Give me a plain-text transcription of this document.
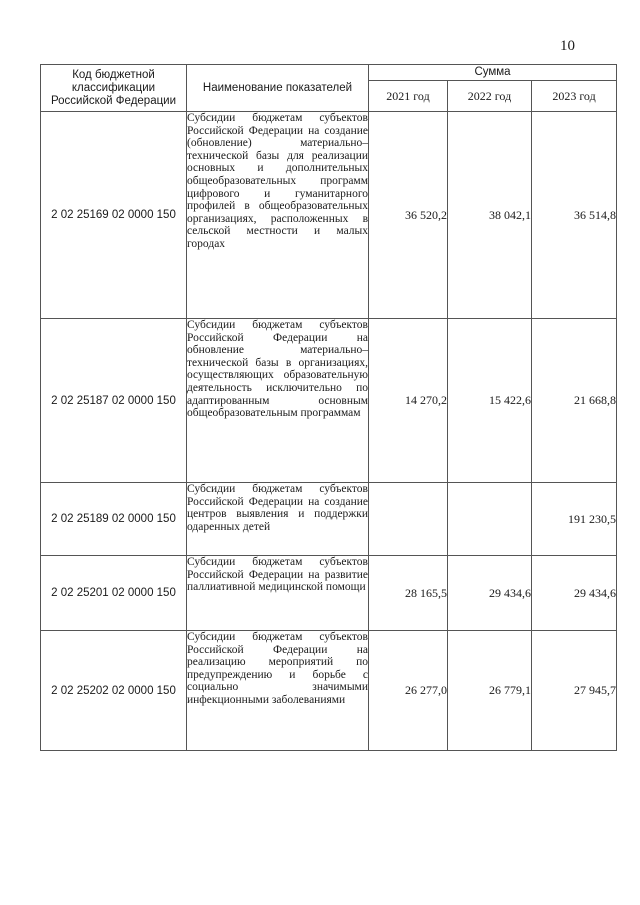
10
Код бюджетной классификации Российской Федерации	Наименование показателей	Сумма		
		2021 год	2022 год	2023 год
2 02 25169 02 0000 150	Субсидии бюджетам субъектов Российской Федерации на создание (обновление) материально–технической базы для реализации основных и дополнительных общеобразовательных программ цифрового и гуманитарного профилей в общеобразовательных организациях, расположенных в сельской местности и малых городах	36 520,2	38 042,1	36 514,8
2 02 25187 02 0000 150	Субсидии бюджетам субъектов Российской Федерации на обновление материально–технической базы в организациях, осуществляющих образовательную деятельность исключительно по адаптированным основным общеобразовательным программам	14 270,2	15 422,6	21 668,8
2 02 25189 02 0000 150	Субсидии бюджетам субъектов Российской Федерации на создание центров выявления и поддержки одаренных детей			191 230,5
2 02 25201 02 0000 150	Субсидии бюджетам субъектов Российской Федерации на развитие паллиативной медицинской помощи	28 165,5	29 434,6	29 434,6
2 02 25202 02 0000 150	Субсидии бюджетам субъектов Российской Федерации на реализацию мероприятий по предупреждению и борьбе с социально значимыми инфекционными заболеваниями	26 277,0	26 779,1	27 945,7
